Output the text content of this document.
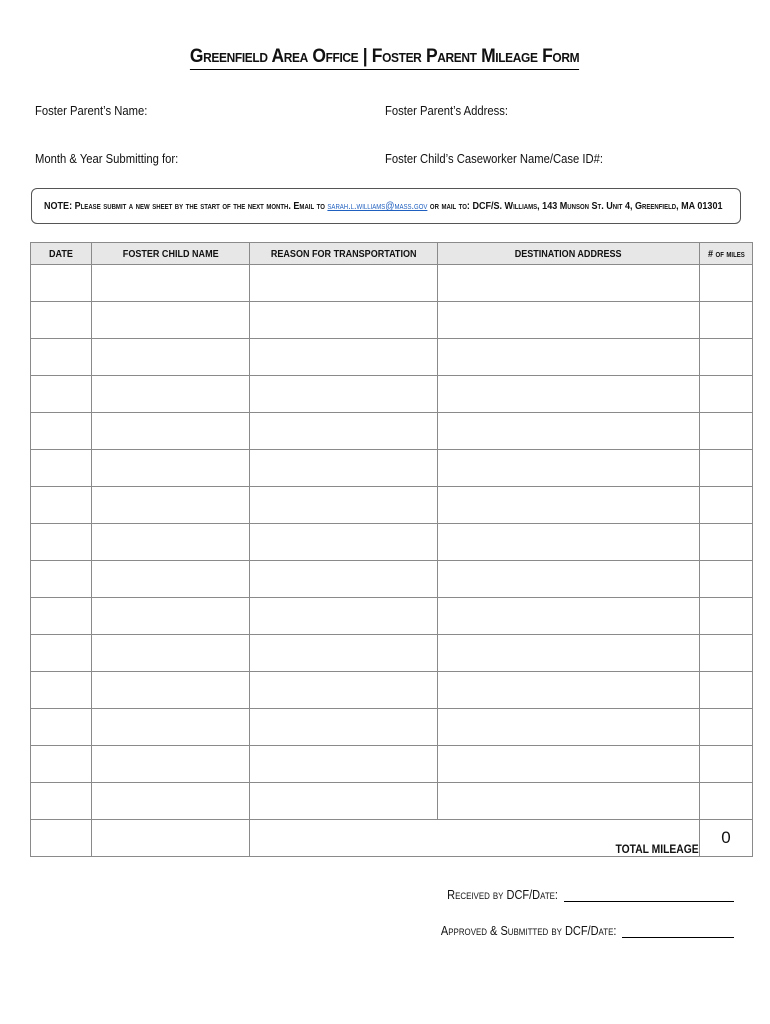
Greenfield Area Office | Foster Parent Mileage Form
Foster Parent’s Name:	Foster Parent’s Address:
Month & Year Submitting for:	Foster Child’s Caseworker Name/Case ID#:
NOTE: Please submit a new sheet by the start of the next month. Email to sarah.l.williams@mass.gov or mail to: DCF/S. Williams, 143 Munson St. Unit 4, Greenfield, MA 01301
DATE	FOSTER CHILD NAME	REASON FOR TRANSPORTATION	DESTINATION ADDRESS	# of miles

		TOTAL MILEAGE		0
Received by DCF/Date:
Approved & Submitted by DCF/Date:
